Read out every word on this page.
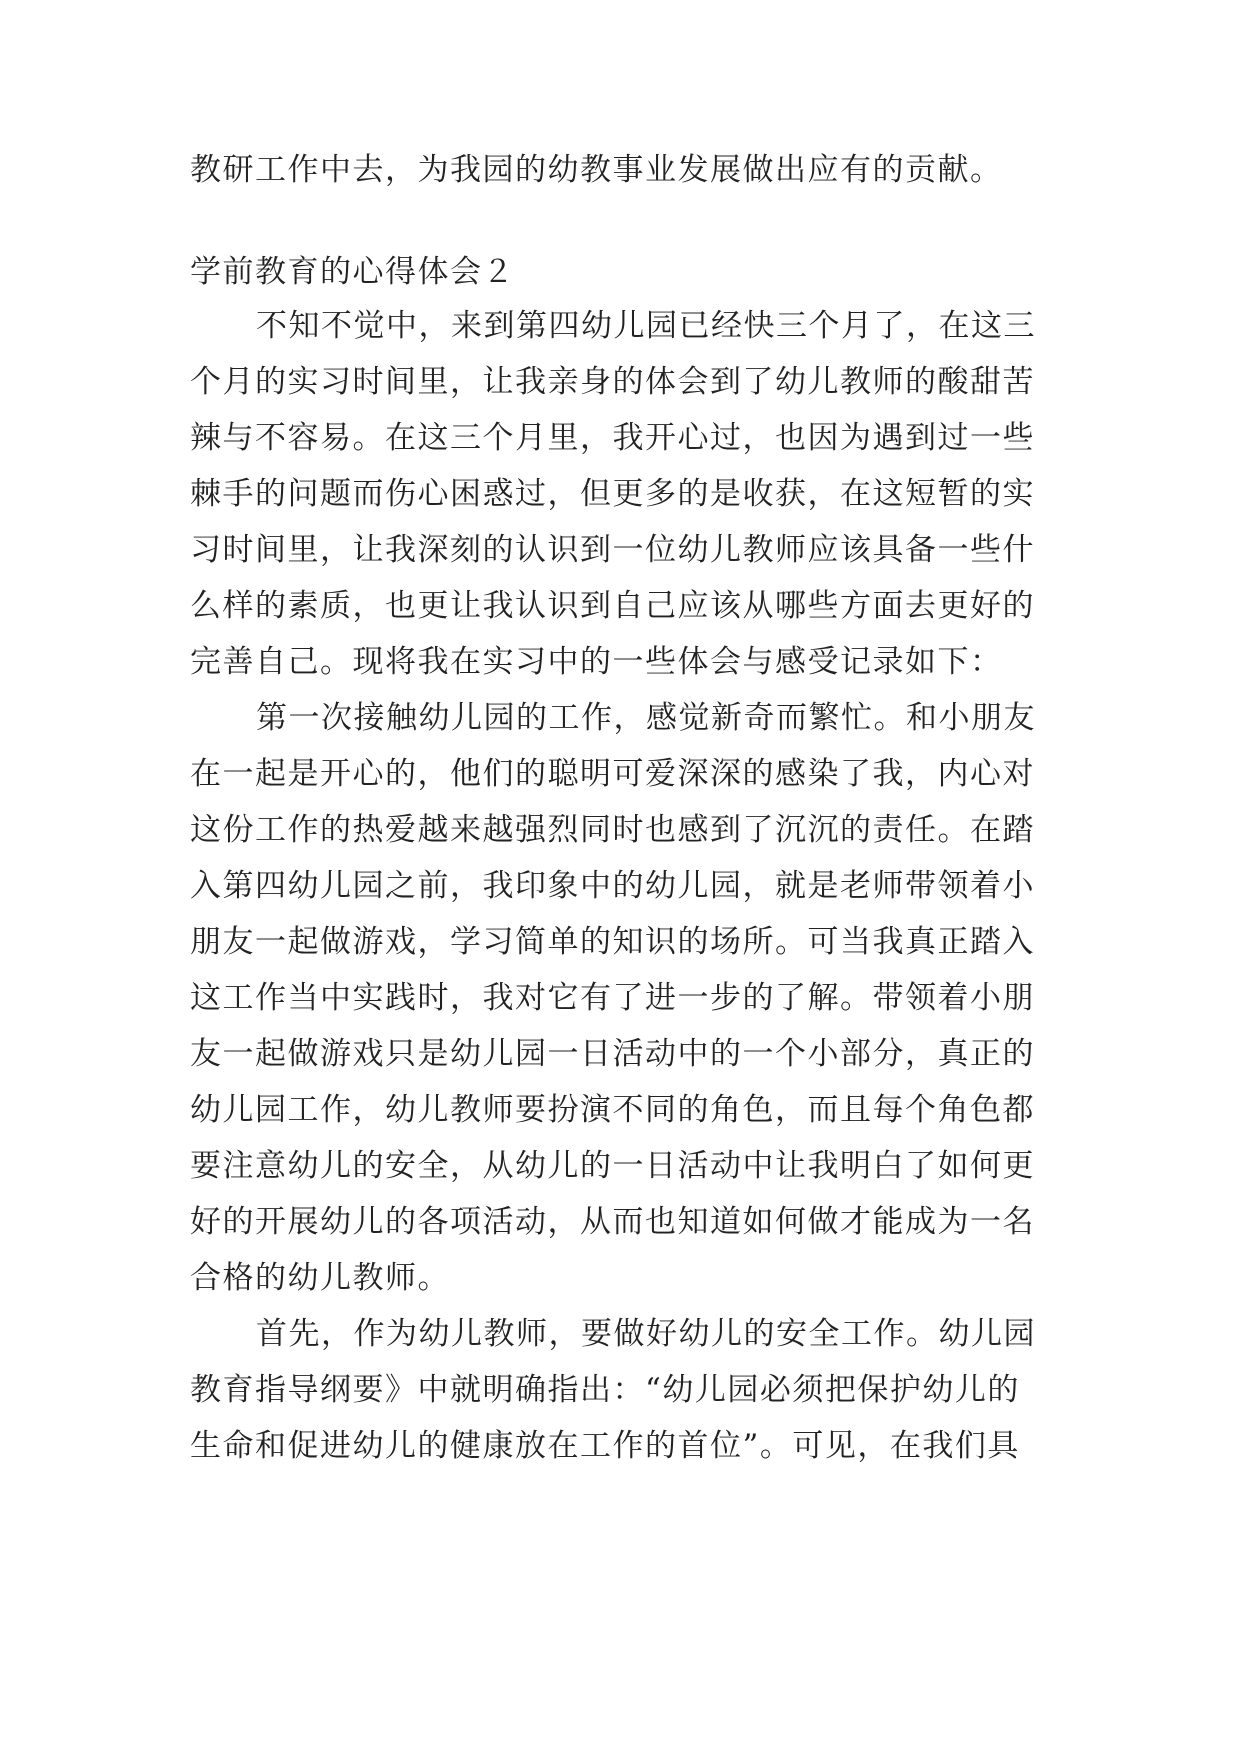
教研工作中去，为我园的幼教事业发展做出应有的贡献。
学前教育的心得体会２
不知不觉中，来到第四幼儿园已经快三个月了，在这三
个月的实习时间里，让我亲身的体会到了幼儿教师的酸甜苦
辣与不容易。在这三个月里，我开心过，也因为遇到过一些
棘手的问题而伤心困惑过，但更多的是收获，在这短暂的实
习时间里，让我深刻的认识到一位幼儿教师应该具备一些什
么样的素质，也更让我认识到自己应该从哪些方面去更好的
完善自己。现将我在实习中的一些体会与感受记录如下：
第一次接触幼儿园的工作，感觉新奇而繁忙。和小朋友
在一起是开心的，他们的聪明可爱深深的感染了我，内心对
这份工作的热爱越来越强烈同时也感到了沉沉的责任。在踏
入第四幼儿园之前，我印象中的幼儿园，就是老师带领着小
朋友一起做游戏，学习简单的知识的场所。可当我真正踏入
这工作当中实践时，我对它有了进一步的了解。带领着小朋
友一起做游戏只是幼儿园一日活动中的一个小部分，真正的
幼儿园工作，幼儿教师要扮演不同的角色，而且每个角色都
要注意幼儿的安全，从幼儿的一日活动中让我明白了如何更
好的开展幼儿的各项活动，从而也知道如何做才能成为一名
合格的幼儿教师。
首先，作为幼儿教师，要做好幼儿的安全工作。幼儿园
教育指导纲要》中就明确指出：“幼儿园必须把保护幼儿的
生命和促进幼儿的健康放在工作的首位”。可见，在我们具
